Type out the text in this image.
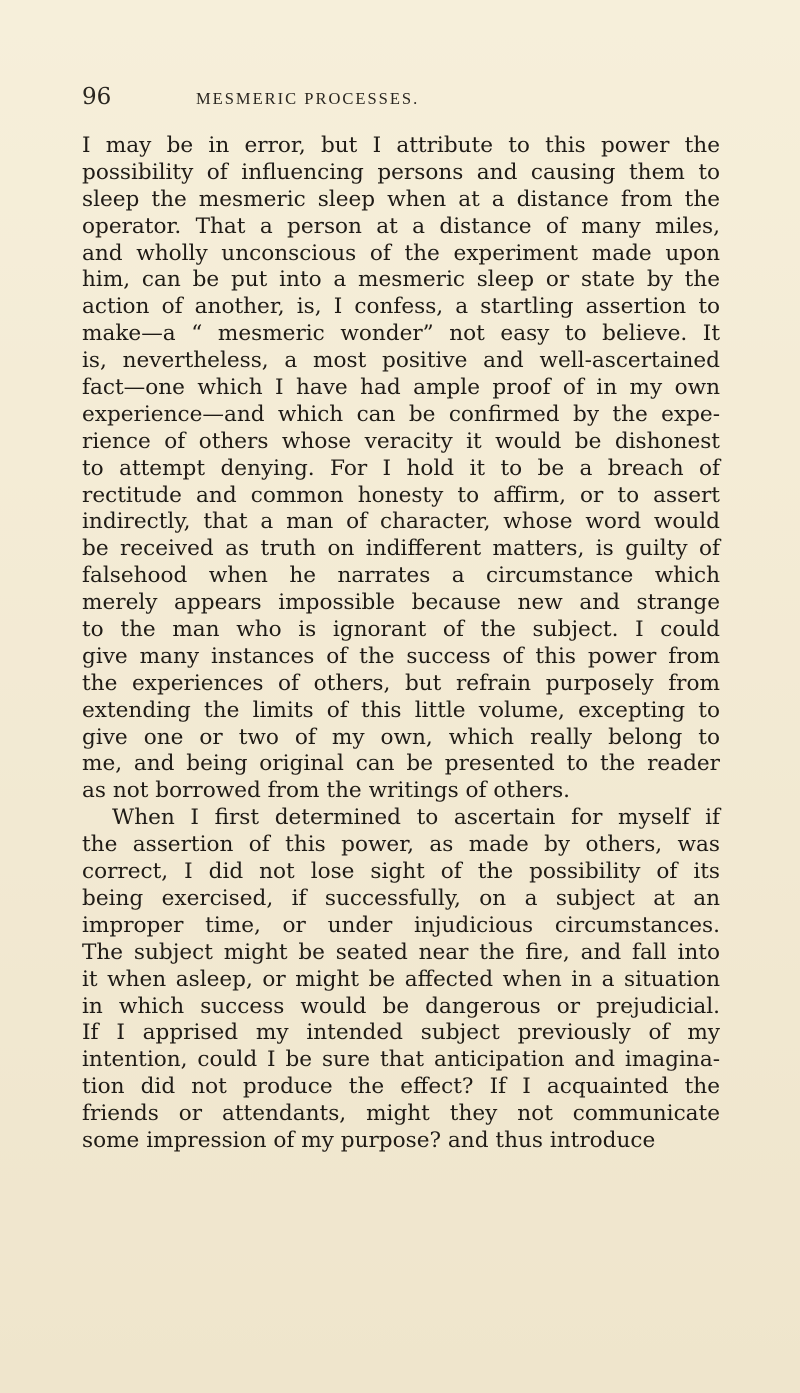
96	MESMERIC PROCESSES.
I may be in error, but I attribute to this power the
possibility of influencing persons and causing them to
sleep the mesmeric sleep when at a distance from the
operator. That a person at a distance of many miles,
and wholly unconscious of the experiment made upon
him, can be put into a mesmeric sleep or state by the
action of another, is, I confess, a startling assertion to
make—a “ mesmeric wonder” not easy to believe. It
is, nevertheless, a most positive and well-ascertained
fact—one which I have had ample proof of in my own
experience—and which can be confirmed by the expe-
rience of others whose veracity it would be dishonest
to attempt denying. For I hold it to be a breach of
rectitude and common honesty to affirm, or to assert
indirectly, that a man of character, whose word would
be received as truth on indifferent matters, is guilty of
falsehood when he narrates a circumstance which
merely appears impossible because new and strange
to the man who is ignorant of the subject. I could
give many instances of the success of this power from
the experiences of others, but refrain purposely from
extending the limits of this little volume, excepting to
give one or two of my own, which really belong to
me, and being original can be presented to the reader
as not borrowed from the writings of others.
When I first determined to ascertain for myself if
the assertion of this power, as made by others, was
correct, I did not lose sight of the possibility of its
being exercised, if successfully, on a subject at an
improper time, or under injudicious circumstances.
The subject might be seated near the fire, and fall into
it when asleep, or might be affected when in a situation
in which success would be dangerous or prejudicial.
If I apprised my intended subject previously of my
intention, could I be sure that anticipation and imagina-
tion did not produce the effect? If I acquainted the
friends or attendants, might they not communicate
some impression of my purpose? and thus introduce
